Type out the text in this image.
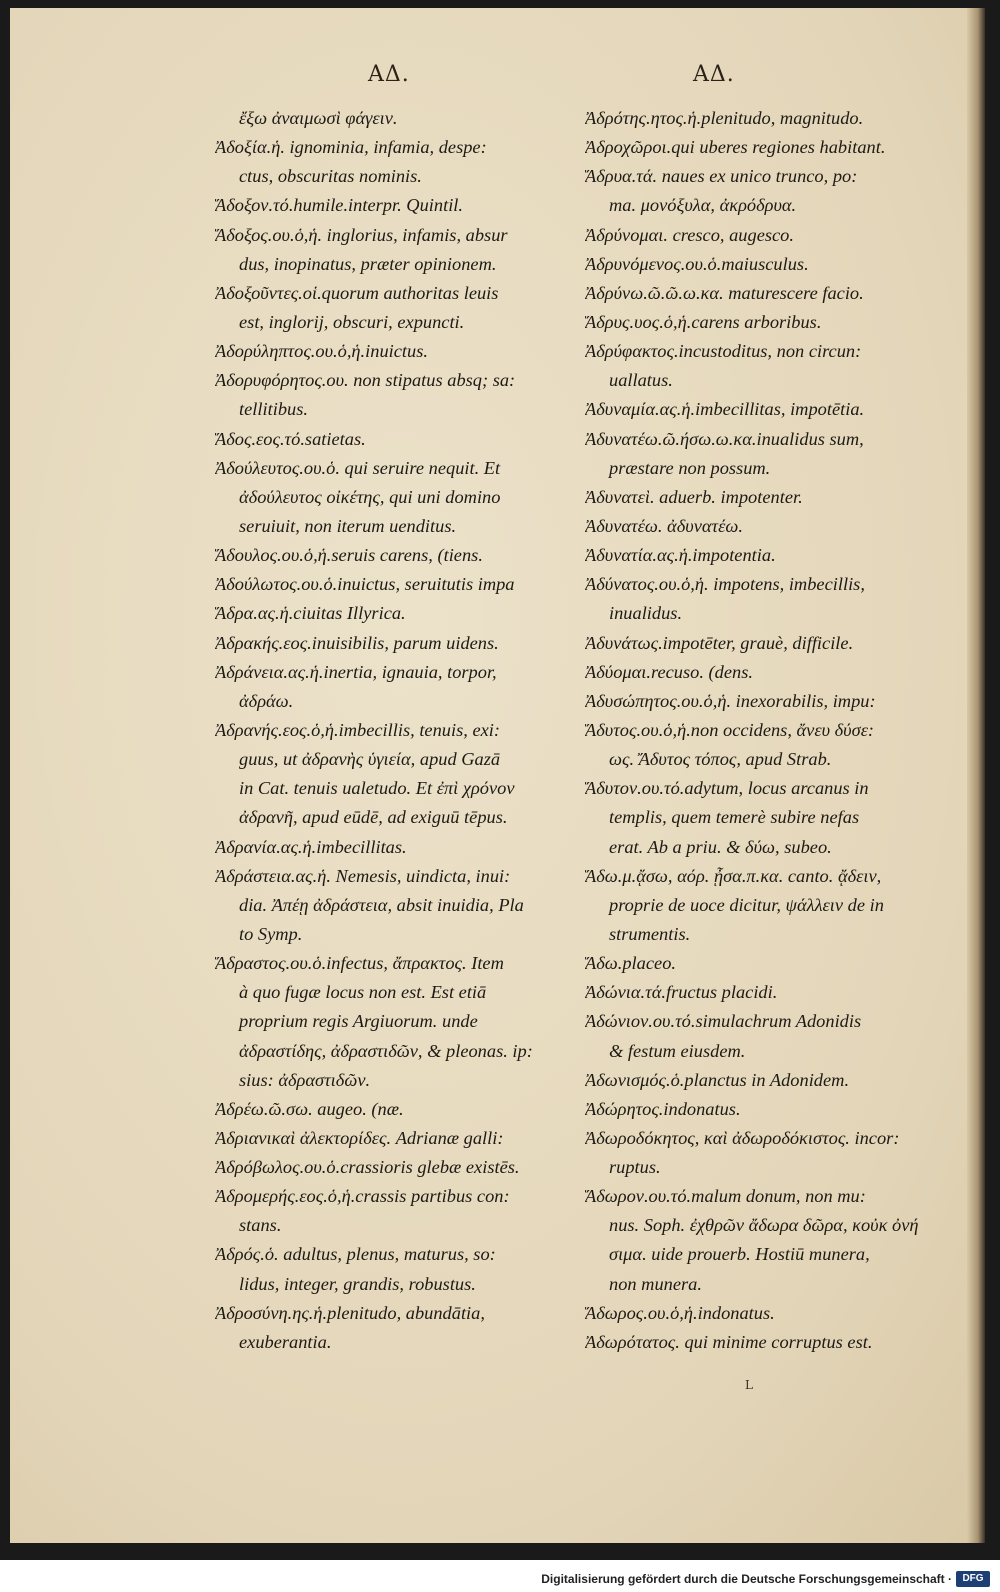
ΑΔ.	ΑΔ.
ἔξω ἀναιμωσὶ φάγειν.
Ἀδοξία.ἡ. ignominia, infamia, despe:
ctus, obscuritas nominis.
Ἄδοξον.τό.humile.interpr. Quintil.
Ἄδοξος.ου.ὁ,ἡ. inglorius, infamis, absur
dus, inopinatus, præter opinionem.
Ἀδοξοῦντες.οἱ.quorum authoritas leuis
est, inglorij, obscuri, expuncti.
Ἀδορύληπτος.ου.ὁ,ἡ.inuictus.
Ἀδορυφόρητος.ου. non stipatus absq; sa:
tellitibus.
Ἄδος.εος.τό.satietas.
Ἀδούλευτος.ου.ὁ. qui seruire nequit. Et
ἀδούλευτος οἰκέτης, qui uni domino
seruiuit, non iterum uenditus.
Ἄδουλος.ου.ὁ,ἡ.seruis carens, (tiens.
Ἀδούλωτος.ου.ὁ.inuictus, seruitutis impa
Ἄδρα.ας.ἡ.ciuitas Illyrica.
Ἀδρακής.εος.inuisibilis, parum uidens.
Ἀδράνεια.ας.ἡ.inertia, ignauia, torpor,
ἀδράω.
Ἀδρανής.εος.ὁ,ἡ.imbecillis, tenuis, exi:
guus, ut ἀδρανὴς ὑγιεία, apud Gazā
in Cat. tenuis ualetudo. Et ἐπὶ χρόνον
ἀδρανῆ, apud eūdē, ad exiguū tēpus.
Ἀδρανία.ας.ἡ.imbecillitas.
Ἀδράστεια.ας.ἡ. Nemesis, uindicta, inui:
dia. Ἀπέῃ ἀδράστεια, absit inuidia, Pla
to Symp.
Ἄδραστος.ου.ὁ.infectus, ἄπρακτος. Item
à quo fugæ locus non est. Est etiā
proprium regis Argiuorum. unde
ἀδραστίδης, ἀδραστιδῶν, & pleonas. ip:
sius: ἀδραστιδῶν.
Ἀδρέω.ῶ.σω. augeo. (næ.
Ἀδριανικαὶ ἀλεκτορίδες. Adrianæ galli:
Ἀδρόβωλος.ου.ὁ.crassioris glebæ existēs.
Ἀδρομερής.εος.ὁ,ἡ.crassis partibus con:
stans.
Ἀδρός.ὁ. adultus, plenus, maturus, so:
lidus, integer, grandis, robustus.
Ἀδροσύνη.ης.ἡ.plenitudo, abundātia,
exuberantia.
Ἀδρότης.ητος.ἡ.plenitudo, magnitudo.
Ἀδροχῶροι.qui uberes regiones habitant.
Ἄδρυα.τά. naues ex unico trunco, po:
ma. μονόξυλα, ἀκρόδρυα.
Ἀδρύνομαι. cresco, augesco.
Ἀδρυνόμενος.ου.ὁ.maiusculus.
Ἀδρύνω.ῶ.ῶ.ω.κα. maturescere facio.
Ἄδρυς.υος.ὁ,ἡ.carens arboribus.
Ἀδρύφακτος.incustoditus, non circun:
uallatus.
Ἀδυναμία.ας.ἡ.imbecillitas, impotētia.
Ἀδυνατέω.ῶ.ήσω.ω.κα.inualidus sum,
præstare non possum.
Ἀδυνατεὶ. aduerb. impotenter.
Ἀδυνατέω. ἀδυνατέω.
Ἀδυνατία.ας.ἡ.impotentia.
Ἀδύνατος.ου.ὁ,ἡ. impotens, imbecillis,
inualidus.
Ἀδυνάτως.impotēter, grauè, difficile.
Ἀδύομαι.recuso. (dens.
Ἀδυσώπητος.ου.ὁ,ἡ. inexorabilis, impu:
Ἄδυτος.ου.ὁ,ἡ.non occidens, ἄνευ δύσε:
ως. Ἄδυτος τόπος, apud Strab.
Ἄδυτον.ου.τό.adytum, locus arcanus in
templis, quem temerè subire nefas
erat. Ab a priu. & δύω, subeo.
Ἄδω.μ.ᾄσω, αόρ. ᾖσα.π.κα. canto. ᾄδειν,
proprie de uoce dicitur, ψάλλειν de in
strumentis.
Ἄδω.placeo.
Ἀδώνια.τά.fructus placidi.
Ἀδώνιον.ου.τό.simulachrum Adonidis
& festum eiusdem.
Ἀδωνισμός.ὁ.planctus in Adonidem.
Ἀδώρητος.indonatus.
Ἀδωροδόκητος, καὶ ἀδωροδόκιστος. incor:
ruptus.
Ἄδωρον.ου.τό.malum donum, non mu:
nus. Soph. ἐχθρῶν ἄδωρα δῶρα, κοὐκ ὀνή
σιμα. uide prouerb. Hostiū munera,
non munera.
Ἄδωρος.ου.ὁ,ἡ.indonatus.
Ἀδωρότατος. qui minime corruptus est.
L
Digitalisierung gefördert durch die Deutsche Forschungsgemeinschaft ·	DFG
